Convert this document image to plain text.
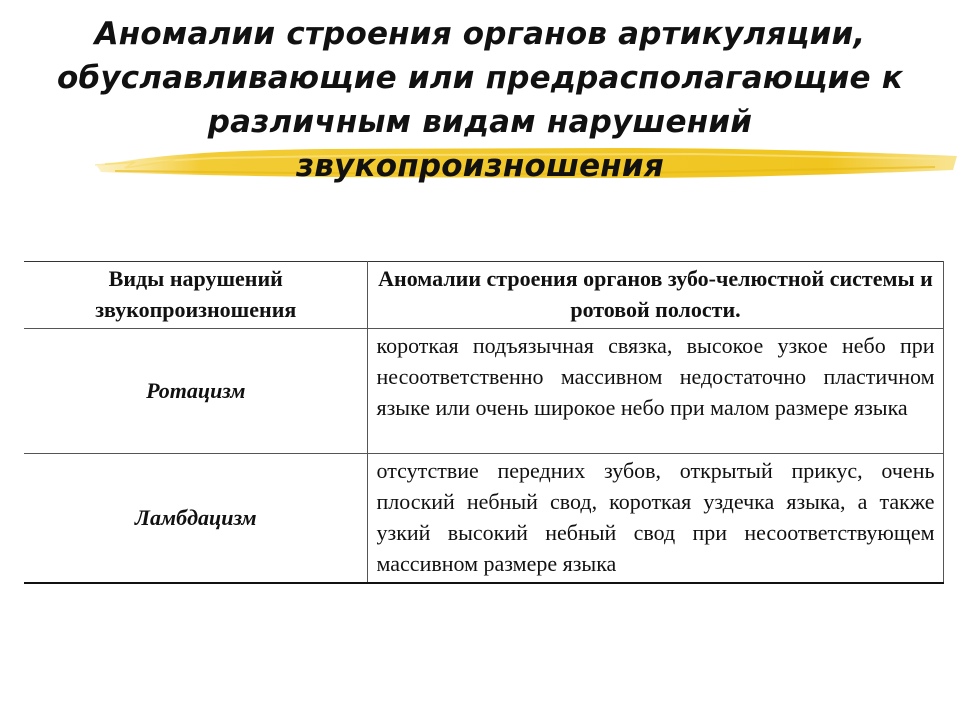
Аномалии строения органов артикуляции,
обуславливающие или предрасполагающие к
различным видам нарушений
звукопроизношения
Виды нарушений звукопроизношения	Аномалии строения органов зубо-челюстной системы и ротовой полости.
Ротацизм	короткая подъязычная связка, высокое узкое небо при несоответственно массивном недостаточно пластичном языке или очень широкое небо при малом размере языка
Ламбдацизм	отсутствие передних зубов, открытый прикус, очень плоский небный свод, короткая уздечка языка, а также узкий высокий небный свод при несоответствующем массивном размере языка
